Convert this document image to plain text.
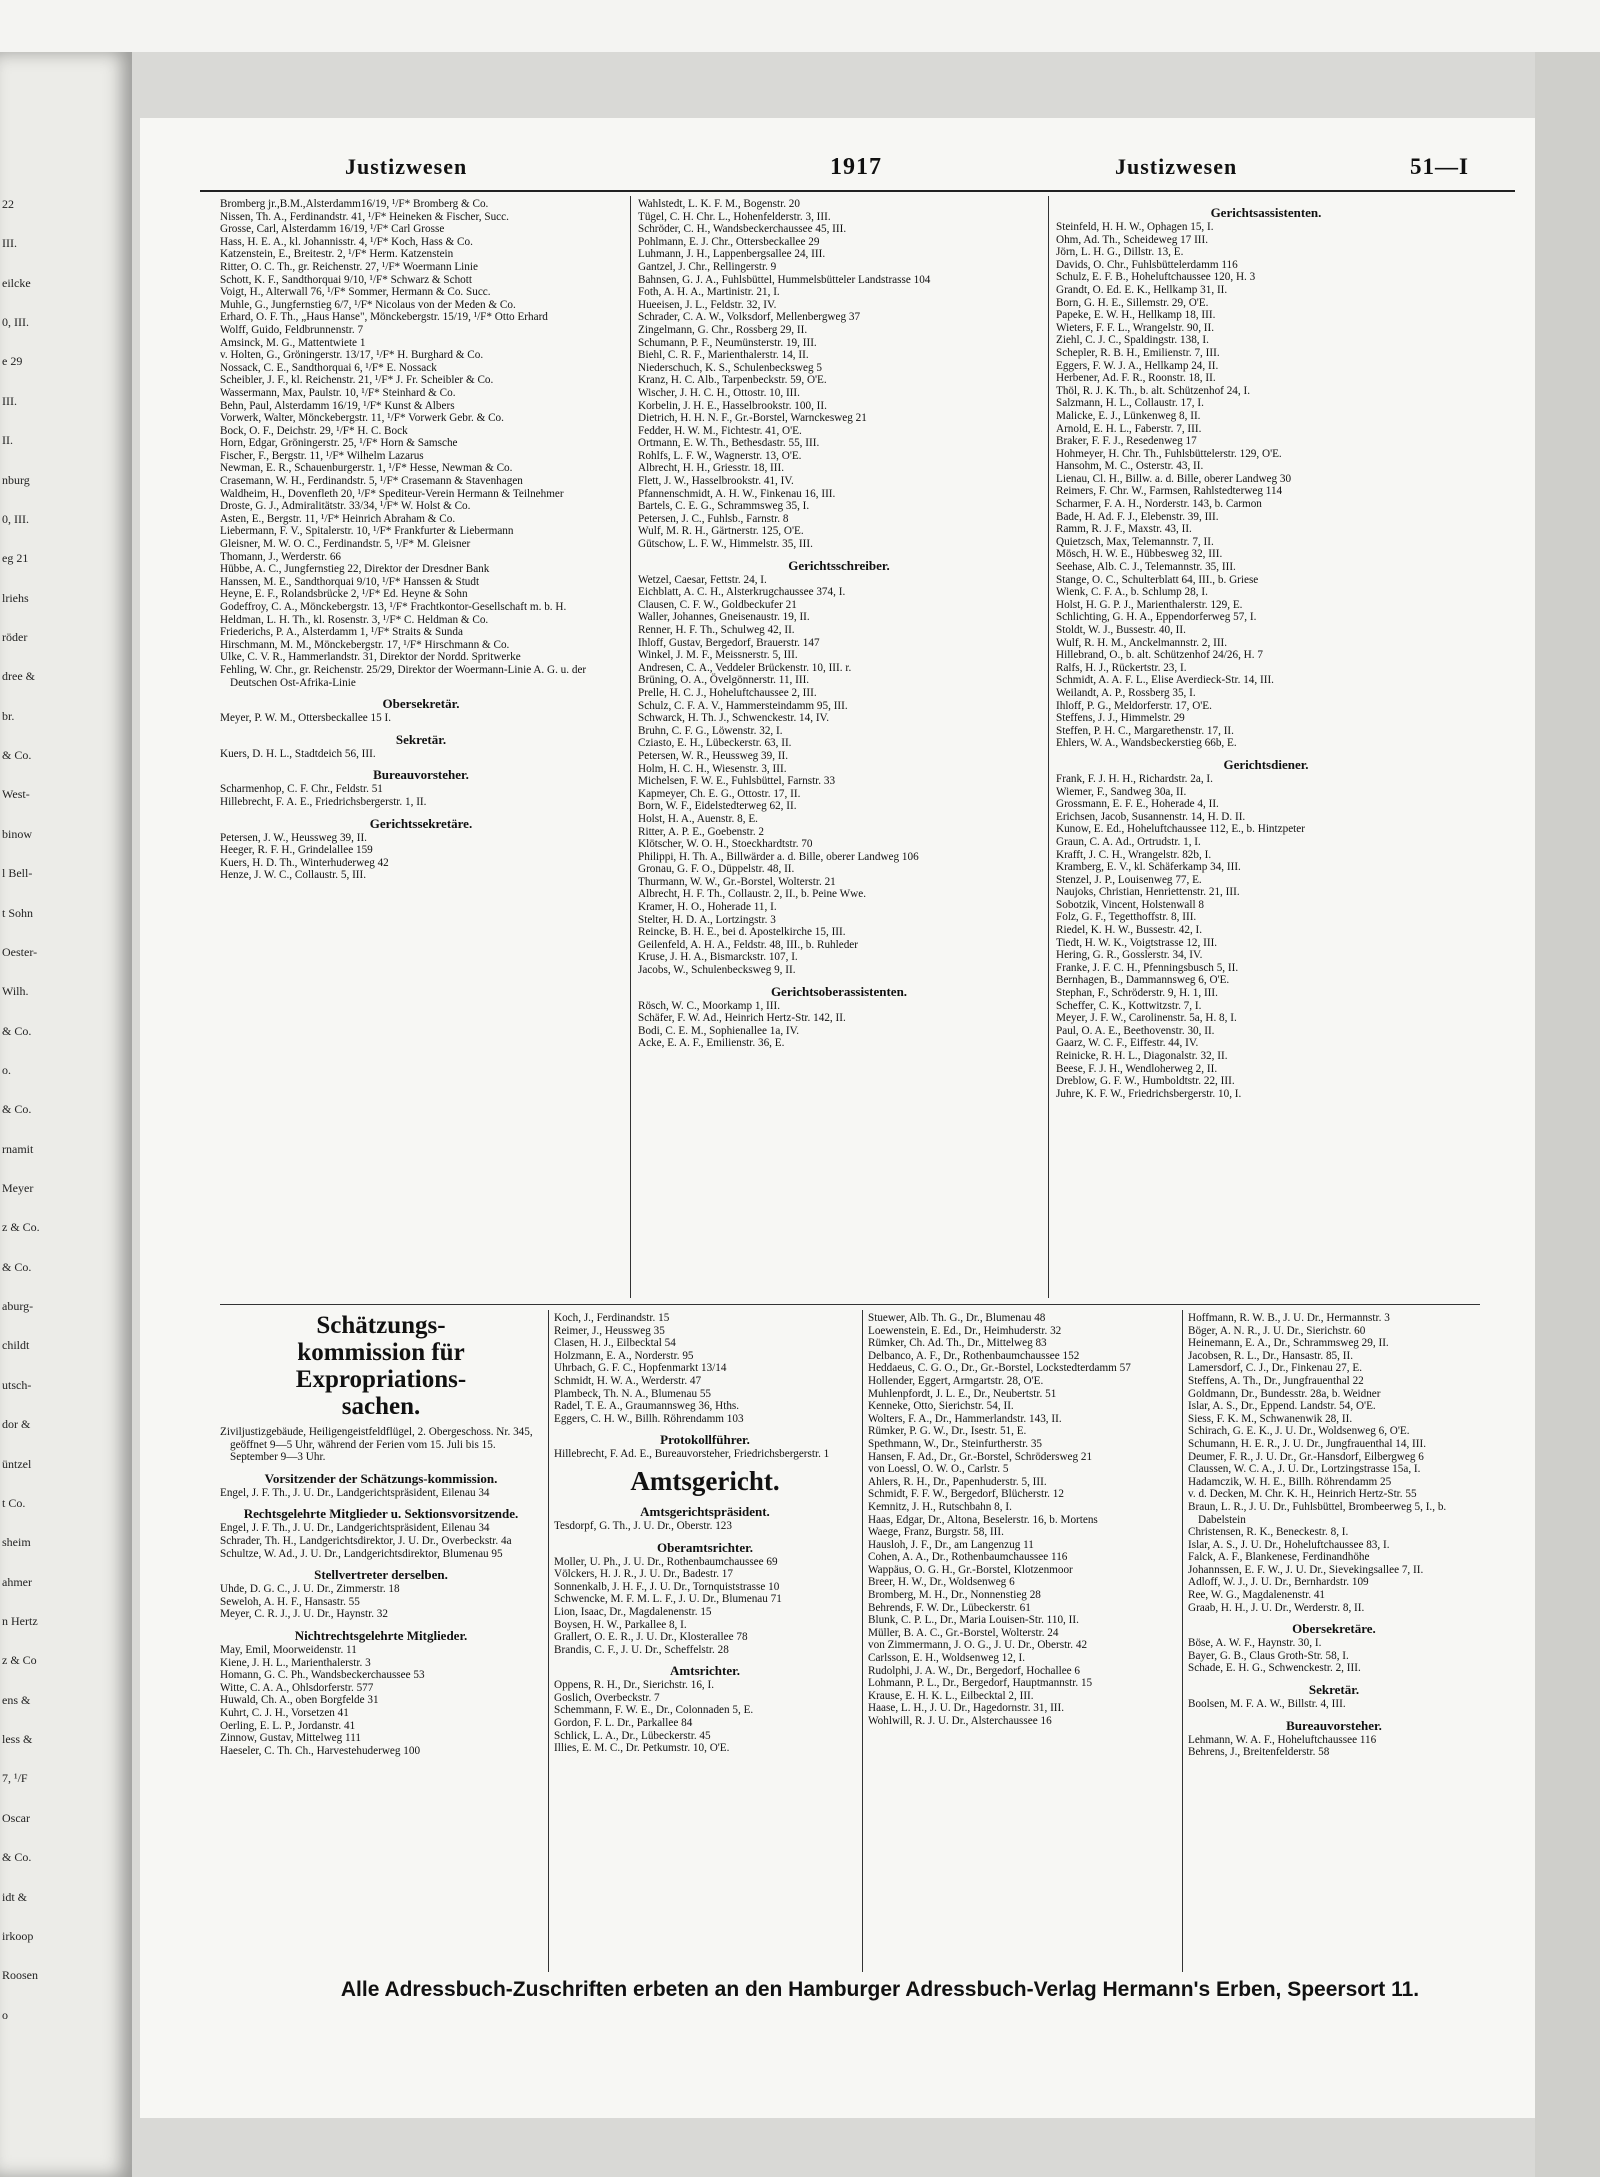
22
III.
eilcke
0, III.
e 29
III.
II.
nburg
0, III.
eg 21
lriehs
röder
dree &
br.
& Co.
West-
binow
l Bell-
t Sohn
Oester-
Wilh.
& Co.
o.
& Co.
rnamit
Meyer
z & Co.
& Co.
aburg-
childt
utsch-
dor &
üntzel
t Co.
sheim
ahmer
n Hertz
z & Co
ens &
less &
7, ¹/F
Oscar
& Co.
idt &
irkoop
Roosen
o
Justizwesen	1917	Justizwesen	51—I
Bromberg jr.,B.M.,Alsterdamm16/19, ¹/F* Bromberg & Co.
Nissen, Th. A., Ferdinandstr. 41, ¹/F* Heineken & Fischer, Succ.
Grosse, Carl, Alsterdamm 16/19, ¹/F* Carl Grosse
Hass, H. E. A., kl. Johannisstr. 4, ¹/F* Koch, Hass & Co.
Katzenstein, E., Breitestr. 2, ¹/F* Herm. Katzenstein
Ritter, O. C. Th., gr. Reichenstr. 27, ¹/F* Woermann Linie
Schott, K. F., Sandthorquai 9/10, ¹/F* Schwarz & Schott
Voigt, H., Alterwall 76, ¹/F* Sommer, Hermann & Co. Succ.
Muhle, G., Jungfernstieg 6/7, ¹/F* Nicolaus von der Meden & Co.
Erhard, O. F. Th., „Haus Hanse", Mönckebergstr. 15/19, ¹/F* Otto Erhard
Wolff, Guido, Feldbrunnenstr. 7
Amsinck, M. G., Mattentwiete 1
v. Holten, G., Gröningerstr. 13/17, ¹/F* H. Burghard & Co.
Nossack, C. E., Sandthorquai 6, ¹/F* E. Nossack
Scheibler, J. F., kl. Reichenstr. 21, ¹/F* J. Fr. Scheibler & Co.
Wassermann, Max, Paulstr. 10, ¹/F* Steinhard & Co.
Behn, Paul, Alsterdamm 16/19, ¹/F* Kunst & Albers
Vorwerk, Walter, Mönckebergstr. 11, ¹/F* Vorwerk Gebr. & Co.
Bock, O. F., Deichstr. 29, ¹/F* H. C. Bock
Horn, Edgar, Gröningerstr. 25, ¹/F* Horn & Samsche
Fischer, F., Bergstr. 11, ¹/F* Wilhelm Lazarus
Newman, E. R., Schauenburgerstr. 1, ¹/F* Hesse, Newman & Co.
Crasemann, W. H., Ferdinandstr. 5, ¹/F* Crasemann & Stavenhagen
Waldheim, H., Dovenfleth 20, ¹/F* Spediteur-Verein Hermann & Teilnehmer
Droste, G. J., Admiralitätstr. 33/34, ¹/F* W. Holst & Co.
Asten, E., Bergstr. 11, ¹/F* Heinrich Abraham & Co.
Liebermann, F. V., Spitalerstr. 10, ¹/F* Frankfurter & Liebermann
Gleisner, M. W. O. C., Ferdinandstr. 5, ¹/F* M. Gleisner
Thomann, J., Werderstr. 66
Hübbe, A. C., Jungfernstieg 22, Direktor der Dresdner Bank
Hanssen, M. E., Sandthorquai 9/10, ¹/F* Hanssen & Studt
Heyne, E. F., Rolandsbrücke 2, ¹/F* Ed. Heyne & Sohn
Godeffroy, C. A., Mönckebergstr. 13, ¹/F* Frachtkontor-Gesellschaft m. b. H.
Heldman, L. H. Th., kl. Rosenstr. 3, ¹/F* C. Heldman & Co.
Friederichs, P. A., Alsterdamm 1, ¹/F* Straits & Sunda
Hirschmann, M. M., Mönckebergstr. 17, ¹/F* Hirschmann & Co.
Ulke, C. V. R., Hammerlandstr. 31, Direktor der Nordd. Spritwerke
Fehling, W. Chr., gr. Reichenstr. 25/29, Direktor der Woermann-Linie A. G. u. der Deutschen Ost-Afrika-Linie
Obersekretär.
Meyer, P. W. M., Ottersbeckallee 15 I.
Sekretär.
Kuers, D. H. L., Stadtdeich 56, III.
Bureauvorsteher.
Scharmenhop, C. F. Chr., Feldstr. 51
Hillebrecht, F. A. E., Friedrichsbergerstr. 1, II.
Gerichtssekretäre.
Petersen, J. W., Heussweg 39, II.
Heeger, R. F. H., Grindelallee 159
Kuers, H. D. Th., Winterhuderweg 42
Henze, J. W. C., Collaustr. 5, III.
Wahlstedt, L. K. F. M., Bogenstr. 20
Tügel, C. H. Chr. L., Hohenfelderstr. 3, III.
Schröder, C. H., Wandsbeckerchaussee 45, III.
Pohlmann, E. J. Chr., Ottersbeckallee 29
Luhmann, J. H., Lappenbergsallee 24, III.
Gantzel, J. Chr., Rellingerstr. 9
Bahnsen, G. J. A., Fuhlsbüttel, Hummelsbütteler Landstrasse 104
Foth, A. H. A., Martinistr. 21, I.
Hueeisen, J. L., Feldstr. 32, IV.
Schrader, C. A. W., Volksdorf, Mellenbergweg 37
Zingelmann, G. Chr., Rossberg 29, II.
Schumann, P. F., Neumünsterstr. 19, III.
Biehl, C. R. F., Marienthalerstr. 14, II.
Niederschuch, K. S., Schulenbecksweg 5
Kranz, H. C. Alb., Tarpenbeckstr. 59, O'E.
Wischer, J. H. C. H., Ottostr. 10, III.
Korbelin, J. H. E., Hasselbrookstr. 100, II.
Dietrich, H. H. N. F., Gr.-Borstel, Warnckesweg 21
Fedder, H. W. M., Fichtestr. 41, O'E.
Ortmann, E. W. Th., Bethesdastr. 55, III.
Rohlfs, L. F. W., Wagnerstr. 13, O'E.
Albrecht, H. H., Griesstr. 18, III.
Flett, J. W., Hasselbrookstr. 41, IV.
Pfannenschmidt, A. H. W., Finkenau 16, III.
Bartels, C. E. G., Schrammsweg 35, I.
Petersen, J. C., Fuhlsb., Farnstr. 8
Wulf, M. R. H., Gärtnerstr. 125, O'E.
Gütschow, L. F. W., Himmelstr. 35, III.
Gerichtsschreiber.
Wetzel, Caesar, Fettstr. 24, I.
Eichblatt, A. C. H., Alsterkrugchaussee 374, I.
Clausen, C. F. W., Goldbeckufer 21
Waller, Johannes, Gneisenaustr. 19, II.
Renner, H. F. Th., Schulweg 42, II.
Ihloff, Gustav, Bergedorf, Brauerstr. 147
Winkel, J. M. F., Meissnerstr. 5, III.
Andresen, C. A., Veddeler Brückenstr. 10, III. r.
Brüning, O. A., Övelgönnerstr. 11, III.
Prelle, H. C. J., Hoheluftchaussee 2, III.
Schulz, C. F. A. V., Hammersteindamm 95, III.
Schwarck, H. Th. J., Schwenckestr. 14, IV.
Bruhn, C. F. G., Löwenstr. 32, I.
Cziasto, E. H., Lübeckerstr. 63, II.
Petersen, W. R., Heussweg 39, II.
Holm, H. C. H., Wiesenstr. 3, III.
Michelsen, F. W. E., Fuhlsbüttel, Farnstr. 33
Kapmeyer, Ch. E. G., Ottostr. 17, II.
Born, W. F., Eidelstedterweg 62, II.
Holst, H. A., Auenstr. 8, E.
Ritter, A. P. E., Goebenstr. 2
Klötscher, W. O. H., Stoeckhardtstr. 70
Philippi, H. Th. A., Billwärder a. d. Bille, oberer Landweg 106
Gronau, G. F. O., Düppelstr. 48, II.
Thurmann, W. W., Gr.-Borstel, Wolterstr. 21
Albrecht, H. F. Th., Collaustr. 2, II., b. Peine Wwe.
Kramer, H. O., Hoherade 11, I.
Stelter, H. D. A., Lortzingstr. 3
Reincke, B. H. E., bei d. Apostelkirche 15, III.
Geilenfeld, A. H. A., Feldstr. 48, III., b. Ruhleder
Kruse, J. H. A., Bismarckstr. 107, I.
Jacobs, W., Schulenbecksweg 9, II.
Gerichtsoberassistenten.
Rösch, W. C., Moorkamp 1, III.
Schäfer, F. W. Ad., Heinrich Hertz-Str. 142, II.
Bodi, C. E. M., Sophienallee 1a, IV.
Acke, E. A. F., Emilienstr. 36, E.
Gerichtsassistenten.
Steinfeld, H. H. W., Ophagen 15, I.
Ohm, Ad. Th., Scheideweg 17 III.
Jörn, L. H. G., Dillstr. 13, E.
Davids, O. Chr., Fuhlsbüttelerdamm 116
Schulz, E. F. B., Hoheluftchaussee 120, H. 3
Grandt, O. Ed. E. K., Hellkamp 31, II.
Born, G. H. E., Sillemstr. 29, O'E.
Papeke, E. W. H., Hellkamp 18, III.
Wieters, F. F. L., Wrangelstr. 90, II.
Ziehl, C. J. C., Spaldingstr. 138, I.
Schepler, R. B. H., Emilienstr. 7, III.
Eggers, F. W. J. A., Hellkamp 24, II.
Herbener, Ad. F. R., Roonstr. 18, II.
Thöl, R. J. K. Th., b. alt. Schützenhof 24, I.
Salzmann, H. L., Collaustr. 17, I.
Malicke, E. J., Lünkenweg 8, II.
Arnold, E. H. L., Faberstr. 7, III.
Braker, F. F. J., Resedenweg 17
Hohmeyer, H. Chr. Th., Fuhlsbüttelerstr. 129, O'E.
Hansohm, M. C., Osterstr. 43, II.
Lienau, Cl. H., Billw. a. d. Bille, oberer Landweg 30
Reimers, F. Chr. W., Farmsen, Rahlstedterweg 114
Scharmer, F. A. H., Norderstr. 143, b. Carmon
Bade, H. Ad. F. J., Elebenstr. 39, III.
Ramm, R. J. F., Maxstr. 43, II.
Quietzsch, Max, Telemannstr. 7, II.
Mösch, H. W. E., Hübbesweg 32, III.
Seehase, Alb. C. J., Telemannstr. 35, III.
Stange, O. C., Schulterblatt 64, III., b. Griese
Wienk, C. F. A., b. Schlump 28, I.
Holst, H. G. P. J., Marienthalerstr. 129, E.
Schlichting, G. H. A., Eppendorferweg 57, I.
Stoldt, W. J., Bussestr. 40, II.
Wulf, R. H. M., Anckelmannstr. 2, III.
Hillebrand, O., b. alt. Schützenhof 24/26, H. 7
Ralfs, H. J., Rückertstr. 23, I.
Schmidt, A. A. F. L., Elise Averdieck-Str. 14, III.
Weilandt, A. P., Rossberg 35, I.
Ihloff, P. G., Meldorferstr. 17, O'E.
Steffens, J. J., Himmelstr. 29
Steffen, P. H. C., Margarethenstr. 17, II.
Ehlers, W. A., Wandsbeckerstieg 66b, E.
Gerichtsdiener.
Frank, F. J. H. H., Richardstr. 2a, I.
Wiemer, F., Sandweg 30a, II.
Grossmann, E. F. E., Hoherade 4, II.
Erichsen, Jacob, Susannenstr. 14, H. D. II.
Kunow, E. Ed., Hoheluftchaussee 112, E., b. Hintzpeter
Graun, C. A. Ad., Ortrudstr. 1, I.
Krafft, J. C. H., Wrangelstr. 82b, I.
Kramberg, E. V., kl. Schäferkamp 34, III.
Stenzel, J. P., Louisenweg 77, E.
Naujoks, Christian, Henriettenstr. 21, III.
Sobotzik, Vincent, Holstenwall 8
Folz, G. F., Tegetthoffstr. 8, III.
Riedel, K. H. W., Bussestr. 42, I.
Tiedt, H. W. K., Voigtstrasse 12, III.
Hering, G. R., Gosslerstr. 34, IV.
Franke, J. F. C. H., Pfenningsbusch 5, II.
Bernhagen, B., Dammannsweg 6, O'E.
Stephan, F., Schröderstr. 9, H. 1, III.
Scheffer, C. K., Kottwitzstr. 7, I.
Meyer, J. F. W., Carolinenstr. 5a, H. 8, I.
Paul, O. A. E., Beethovenstr. 30, II.
Gaarz, W. C. F., Eiffestr. 44, IV.
Reinicke, R. H. L., Diagonalstr. 32, II.
Beese, F. J. H., Wendloherweg 2, II.
Dreblow, G. F. W., Humboldtstr. 22, III.
Juhre, K. F. W., Friedrichsbergerstr. 10, I.
Schätzungs-
kommission für
Expropriations-
sachen.
Ziviljustizgebäude, Heiligengeistfeldflügel, 2. Obergeschoss. Nr. 345, geöffnet 9—5 Uhr, während der Ferien vom 15. Juli bis 15. September 9—3 Uhr.
Vorsitzender der Schätzungs-kommission.
Engel, J. F. Th., J. U. Dr., Landgerichtspräsident, Eilenau 34
Rechtsgelehrte Mitglieder u. Sektionsvorsitzende.
Engel, J. F. Th., J. U. Dr., Landgerichtspräsident, Eilenau 34
Schrader, Th. H., Landgerichtsdirektor, J. U. Dr., Overbeckstr. 4a
Schultze, W. Ad., J. U. Dr., Landgerichtsdirektor, Blumenau 95
Stellvertreter derselben.
Uhde, D. G. C., J. U. Dr., Zimmerstr. 18
Seweloh, A. H. F., Hansastr. 55
Meyer, C. R. J., J. U. Dr., Haynstr. 32
Nichtrechtsgelehrte Mitglieder.
May, Emil, Moorweidenstr. 11
Kiene, J. H. L., Marienthalerstr. 3
Homann, G. C. Ph., Wandsbeckerchaussee 53
Witte, C. A. A., Ohlsdorferstr. 577
Huwald, Ch. A., oben Borgfelde 31
Kuhrt, C. J. H., Vorsetzen 41
Oerling, E. L. P., Jordanstr. 41
Zinnow, Gustav, Mittelweg 111
Haeseler, C. Th. Ch., Harvestehuderweg 100
Koch, J., Ferdinandstr. 15
Reimer, J., Heussweg 35
Clasen, H. J., Eilbecktal 54
Holzmann, E. A., Norderstr. 95
Uhrbach, G. F. C., Hopfenmarkt 13/14
Schmidt, H. W. A., Werderstr. 47
Plambeck, Th. N. A., Blumenau 55
Radel, T. E. A., Graumannsweg 36, Hths.
Eggers, C. H. W., Billh. Röhrendamm 103
Protokollführer.
Hillebrecht, F. Ad. E., Bureauvorsteher, Friedrichsbergerstr. 1
Amtsgericht.
Amtsgerichtspräsident.
Tesdorpf, G. Th., J. U. Dr., Oberstr. 123
Oberamtsrichter.
Moller, U. Ph., J. U. Dr., Rothenbaumchaussee 69
Völckers, H. J. R., J. U. Dr., Badestr. 17
Sonnenkalb, J. H. F., J. U. Dr., Tornquiststrasse 10
Schwencke, M. F. M. L. F., J. U. Dr., Blumenau 71
Lion, Isaac, Dr., Magdalenenstr. 15
Boysen, H. W., Parkallee 8, I.
Grallert, O. E. R., J. U. Dr., Klosterallee 78
Brandis, C. F., J. U. Dr., Scheffelstr. 28
Amtsrichter.
Oppens, R. H., Dr., Sierichstr. 16, I.
Goslich, Overbeckstr. 7
Schemmann, F. W. E., Dr., Colonnaden 5, E.
Gordon, F. L. Dr., Parkallee 84
Schlick, L. A., Dr., Lübeckerstr. 45
Illies, E. M. C., Dr. Petkumstr. 10, O'E.
Stuewer, Alb. Th. G., Dr., Blumenau 48
Loewenstein, E. Ed., Dr., Heimhuderstr. 32
Rümker, Ch. Ad. Th., Dr., Mittelweg 83
Delbanco, A. F., Dr., Rothenbaumchaussee 152
Heddaeus, C. G. O., Dr., Gr.-Borstel, Lockstedterdamm 57
Hollender, Eggert, Armgartstr. 28, O'E.
Muhlenpfordt, J. L. E., Dr., Neubertstr. 51
Kenneke, Otto, Sierichstr. 54, II.
Wolters, F. A., Dr., Hammerlandstr. 143, II.
Rümker, P. G. W., Dr., Isestr. 51, E.
Spethmann, W., Dr., Steinfurtherstr. 35
Hansen, F. Ad., Dr., Gr.-Borstel, Schrödersweg 21
von Loessl, O. W. O., Carlstr. 5
Ahlers, R. H., Dr., Papenhuderstr. 5, III.
Schmidt, F. F. W., Bergedorf, Blücherstr. 12
Kemnitz, J. H., Rutschbahn 8, I.
Haas, Edgar, Dr., Altona, Beselerstr. 16, b. Mortens
Waege, Franz, Burgstr. 58, III.
Hausloh, J. F., Dr., am Langenzug 11
Cohen, A. A., Dr., Rothenbaumchaussee 116
Wappäus, O. G. H., Gr.-Borstel, Klotzenmoor
Breer, H. W., Dr., Woldsenweg 6
Bromberg, M. H., Dr., Nonnenstieg 28
Behrends, F. W. Dr., Lübeckerstr. 61
Blunk, C. P. L., Dr., Maria Louisen-Str. 110, II.
Müller, B. A. C., Gr.-Borstel, Wolterstr. 24
von Zimmermann, J. O. G., J. U. Dr., Oberstr. 42
Carlsson, E. H., Woldsenweg 12, I.
Rudolphi, J. A. W., Dr., Bergedorf, Hochallee 6
Lohmann, P. L., Dr., Bergedorf, Hauptmannstr. 15
Krause, E. H. K. L., Eilbecktal 2, III.
Haase, L. H., J. U. Dr., Hagedornstr. 31, III.
Wohlwill, R. J. U. Dr., Alsterchaussee 16
Hoffmann, R. W. B., J. U. Dr., Hermannstr. 3
Böger, A. N. R., J. U. Dr., Sierichstr. 60
Heinemann, E. A., Dr., Schrammsweg 29, II.
Jacobsen, R. L., Dr., Hansastr. 85, II.
Lamersdorf, C. J., Dr., Finkenau 27, E.
Steffens, A. Th., Dr., Jungfrauenthal 22
Goldmann, Dr., Bundesstr. 28a, b. Weidner
Islar, A. S., Dr., Eppend. Landstr. 54, O'E.
Siess, F. K. M., Schwanenwik 28, II.
Schirach, G. E. K., J. U. Dr., Woldsenweg 6, O'E.
Schumann, H. E. R., J. U. Dr., Jungfrauenthal 14, III.
Deumer, F. R., J. U. Dr., Gr.-Hansdorf, Eilbergweg 6
Claussen, W. C. A., J. U. Dr., Lortzingstrasse 15a, I.
Hadamczik, W. H. E., Billh. Röhrendamm 25
v. d. Decken, M. Chr. K. H., Heinrich Hertz-Str. 55
Braun, L. R., J. U. Dr., Fuhlsbüttel, Brombeerweg 5, I., b. Dabelstein
Christensen, R. K., Beneckestr. 8, I.
Islar, A. S., J. U. Dr., Hoheluftchaussee 83, I.
Falck, A. F., Blankenese, Ferdinandhöhe
Johannssen, E. F. W., J. U. Dr., Sievekingsallee 7, II.
Adloff, W. J., J. U. Dr., Bernhardstr. 109
Ree, W. G., Magdalenenstr. 41
Graab, H. H., J. U. Dr., Werderstr. 8, II.
Obersekretäre.
Böse, A. W. F., Haynstr. 30, I.
Bayer, G. B., Claus Groth-Str. 58, I.
Schade, E. H. G., Schwenckestr. 2, III.
Sekretär.
Boolsen, M. F. A. W., Billstr. 4, III.
Bureauvorsteher.
Lehmann, W. A. F., Hoheluftchaussee 116
Behrens, J., Breitenfelderstr. 58
Alle Adressbuch-Zuschriften erbeten an den Hamburger Adressbuch-Verlag Hermann's Erben, Speersort 11.
